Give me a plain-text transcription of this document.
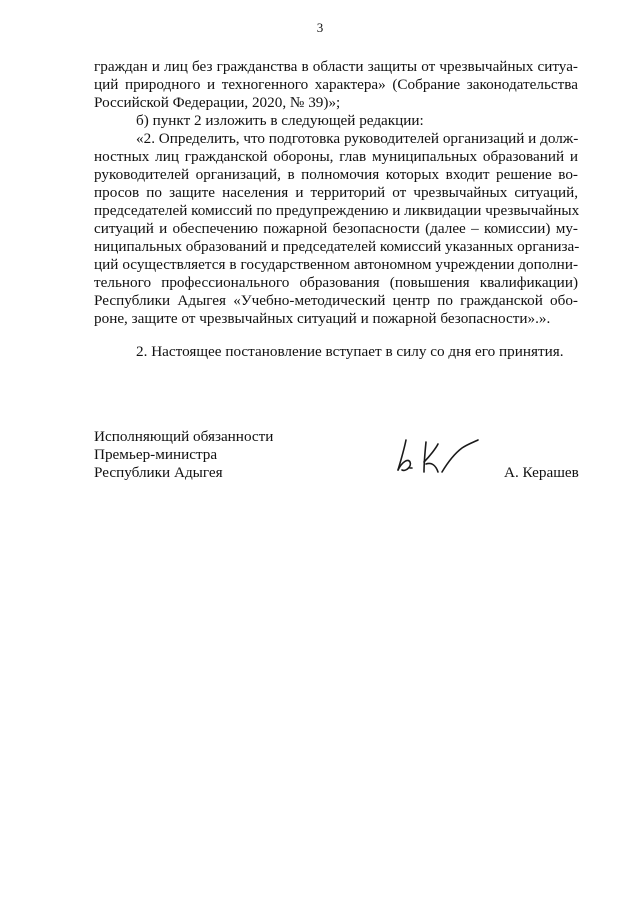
3
граждан и лиц без гражданства в области защиты от чрезвычайных ситуа-
ций природного и техногенного характера» (Собрание законодательства
Российской Федерации, 2020, № 39)»;
б) пункт 2 изложить в следующей редакции:
«2. Определить, что подготовка руководителей организаций и долж-
ностных лиц гражданской обороны, глав муниципальных образований и
руководителей организаций, в полномочия которых входит решение во-
просов по защите населения и территорий от чрезвычайных ситуаций,
председателей комиссий по предупреждению и ликвидации чрезвычайных
ситуаций и обеспечению пожарной безопасности (далее – комиссии) му-
ниципальных образований и председателей комиссий указанных организа-
ций осуществляется в государственном автономном учреждении дополни-
тельного профессионального образования (повышения квалификации)
Республики Адыгея «Учебно-методический центр по гражданской обо-
роне, защите от чрезвычайных ситуаций и пожарной безопасности».».
2. Настоящее постановление вступает в силу со дня его принятия.
Исполняющий обязанности
Премьер-министра
Республики Адыгея	А. Керашев
